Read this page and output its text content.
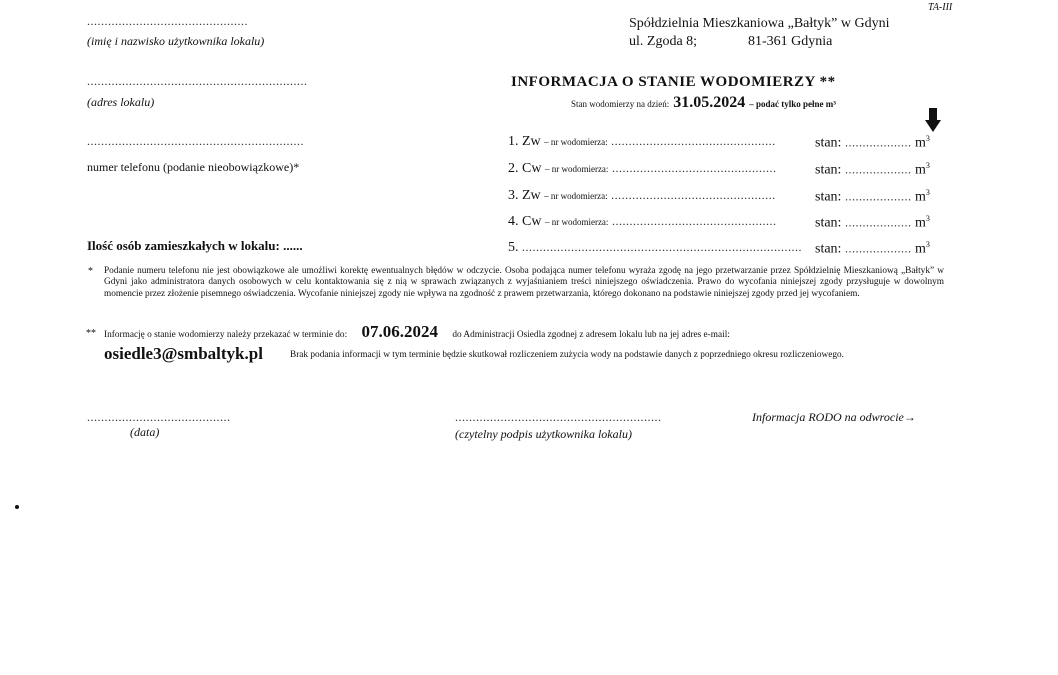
TA-III
Spółdzielnia Mieszkaniowa „Bałtyk” w Gdyni
ul. Zgoda 8;	81-361 Gdynia
..............................................
(imię i nazwisko użytkownika lokalu)
...............................................................
(adres lokalu)
..............................................................
numer telefonu (podanie nieobowiązkowe)*
Ilość osób zamieszkałych w lokalu: ......
INFORMACJA O STANIE WODOMIERZY **
Stan wodomierzy na dzień: 31.05.2024 – podać tylko pełne m³
1. Zw – nr wodomierza: ...............................................	stan: ................... $m^3$
2. Cw – nr wodomierza: ...............................................	stan: ................... $m^3$
3. Zw – nr wodomierza: ...............................................	stan: ................... $m^3$
4. Cw – nr wodomierza: ...............................................	stan: ................... $m^3$
5. ................................................................................ stan: ................... $m^3$
* Podanie numeru telefonu nie jest obowiązkowe ale umożliwi korektę ewentualnych błędów w odczycie. Osoba podająca numer telefonu wyraża zgodę na jego przetwarzanie przez Spółdzielnię Mieszkaniową „Bałtyk” w Gdyni jako administratora danych osobowych w celu kontaktowania się z nią w sprawach związanych z wyjaśnianiem treści niniejszego oświadczenia. Prawo do wycofania niniejszej zgody przysługuje w dowolnym momencie przez złożenie pisemnego oświadczenia. Wycofanie niniejszej zgody nie wpływa na zgodność z prawem przetwarzania, którego dokonano na podstawie niniejszej zgody przed jej wycofaniem.
** Informację o stanie wodomierzy należy przekazać w terminie do: 07.06.2024 do Administracji Osiedla zgodnej z adresem lokalu lub na jej adres e-mail:
osiedle3@smbaltyk.pl	Brak podania informacji w tym terminie będzie skutkował rozliczeniem zużycia wody na podstawie danych z poprzedniego okresu rozliczeniowego.
.........................................
(data)
...........................................................
(czytelny podpis użytkownika lokalu)
Informacja RODO na odwrocie→
